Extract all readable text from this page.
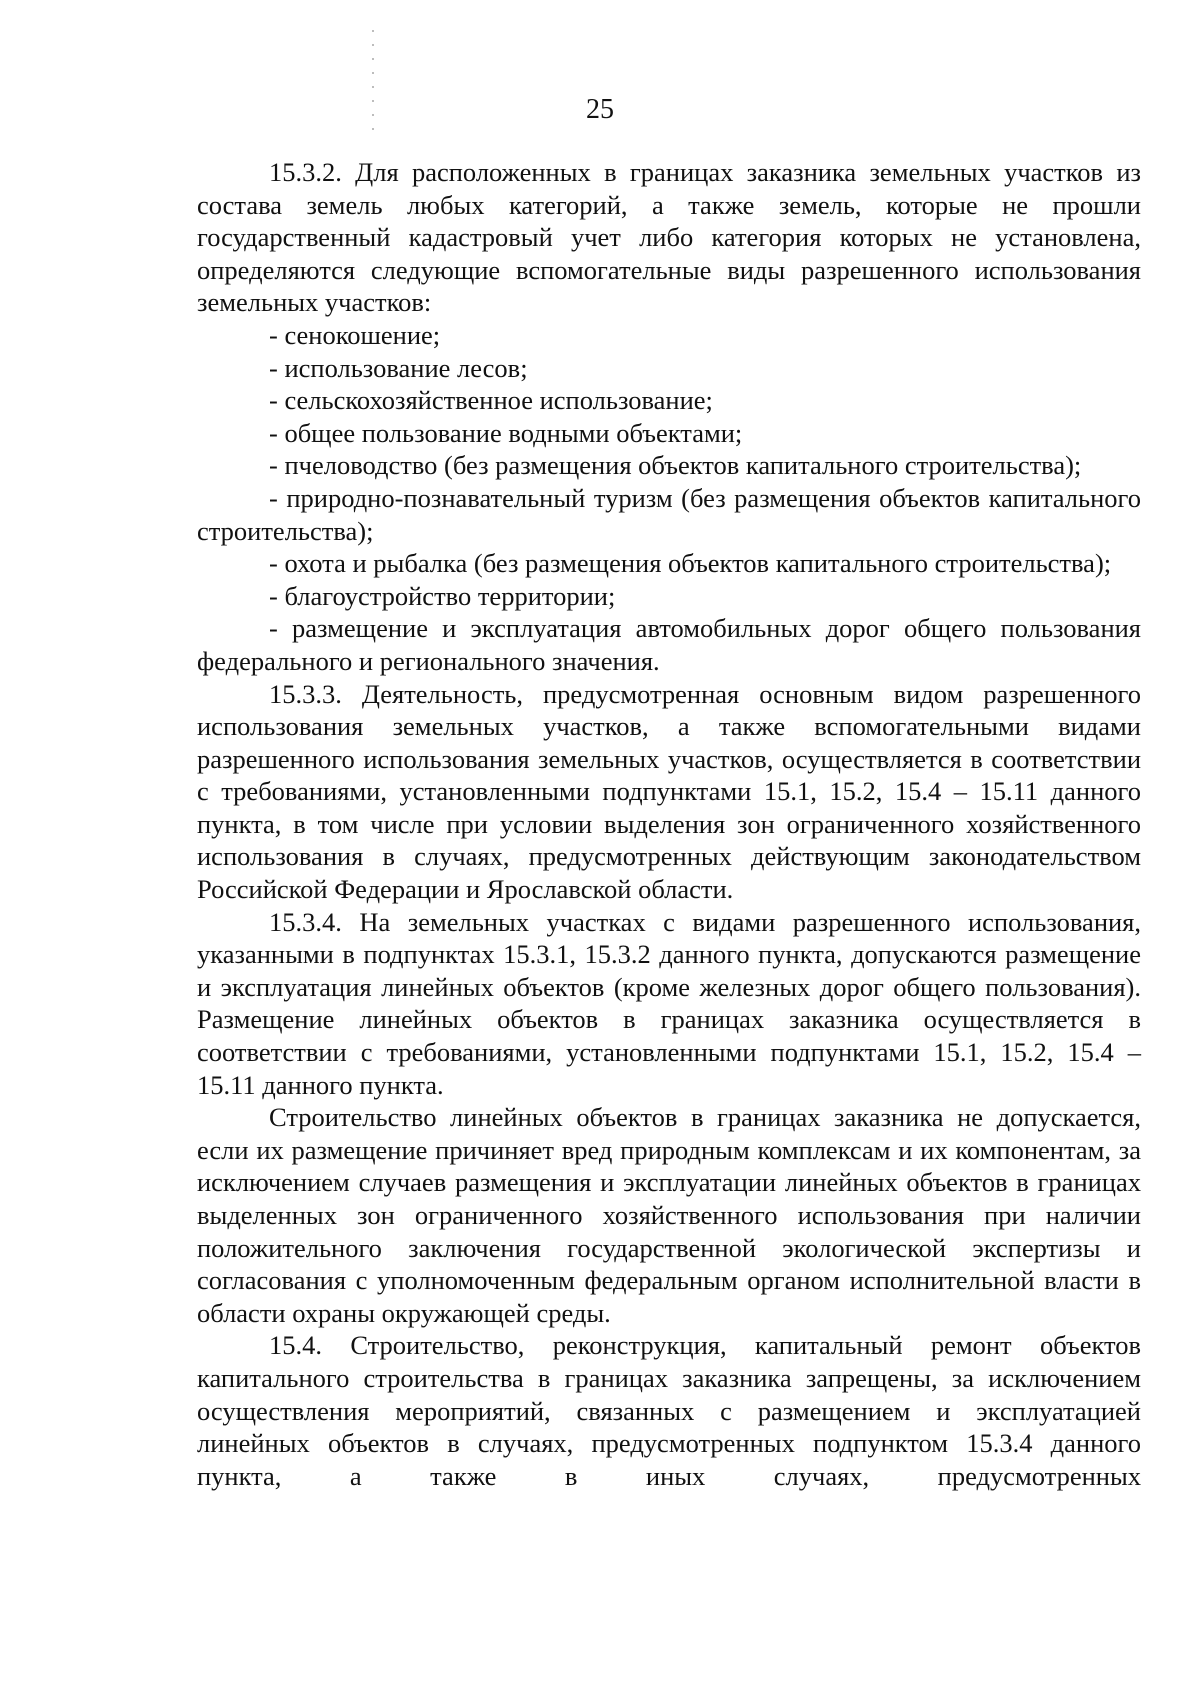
25

15.3.2. Для расположенных в границах заказника земельных участков из состава земель любых категорий, а также земель, которые не прошли государственный кадастровый учет либо категория которых не установлена, определяются следующие вспомогательные виды разрешенного использования земельных участков:

- сенокошение;

- использование лесов;

- сельскохозяйственное использование;

- общее пользование водными объектами;

- пчеловодство (без размещения объектов капитального строительства);

- природно-познавательный туризм (без размещения объектов капитального строительства);

- охота и рыбалка (без размещения объектов капитального строительства);

- благоустройство территории;

- размещение и эксплуатация автомобильных дорог общего пользования федерального и регионального значения.

15.3.3. Деятельность, предусмотренная основным видом разрешенного использования земельных участков, а также вспомогательными видами разрешенного использования земельных участков, осуществляется в соответствии с требованиями, установленными подпунктами 15.1, 15.2, 15.4 – 15.11 данного пункта, в том числе при условии выделения зон ограниченного хозяйственного использования в случаях, предусмотренных действующим законодательством Российской Федерации и Ярославской области.

15.3.4. На земельных участках с видами разрешенного использования, указанными в подпунктах 15.3.1, 15.3.2 данного пункта, допускаются размещение и эксплуатация линейных объектов (кроме железных дорог общего пользования). Размещение линейных объектов в границах заказника осуществляется в соответствии с требованиями, установленными подпунктами 15.1, 15.2, 15.4 – 15.11 данного пункта.

Строительство линейных объектов в границах заказника не допускается, если их размещение причиняет вред природным комплексам и их компонентам, за исключением случаев размещения и эксплуатации линейных объектов в границах выделенных зон ограниченного хозяйственного использования при наличии положительного заключения государственной экологической экспертизы и согласования с уполномоченным федеральным органом исполнительной власти в области охраны окружающей среды.

15.4. Строительство, реконструкция, капитальный ремонт объектов капитального строительства в границах заказника запрещены, за исключением осуществления мероприятий, связанных с размещением и эксплуатацией линейных объектов в случаях, предусмотренных подпунктом 15.3.4 данного пункта, а также в иных случаях, предусмотренных
